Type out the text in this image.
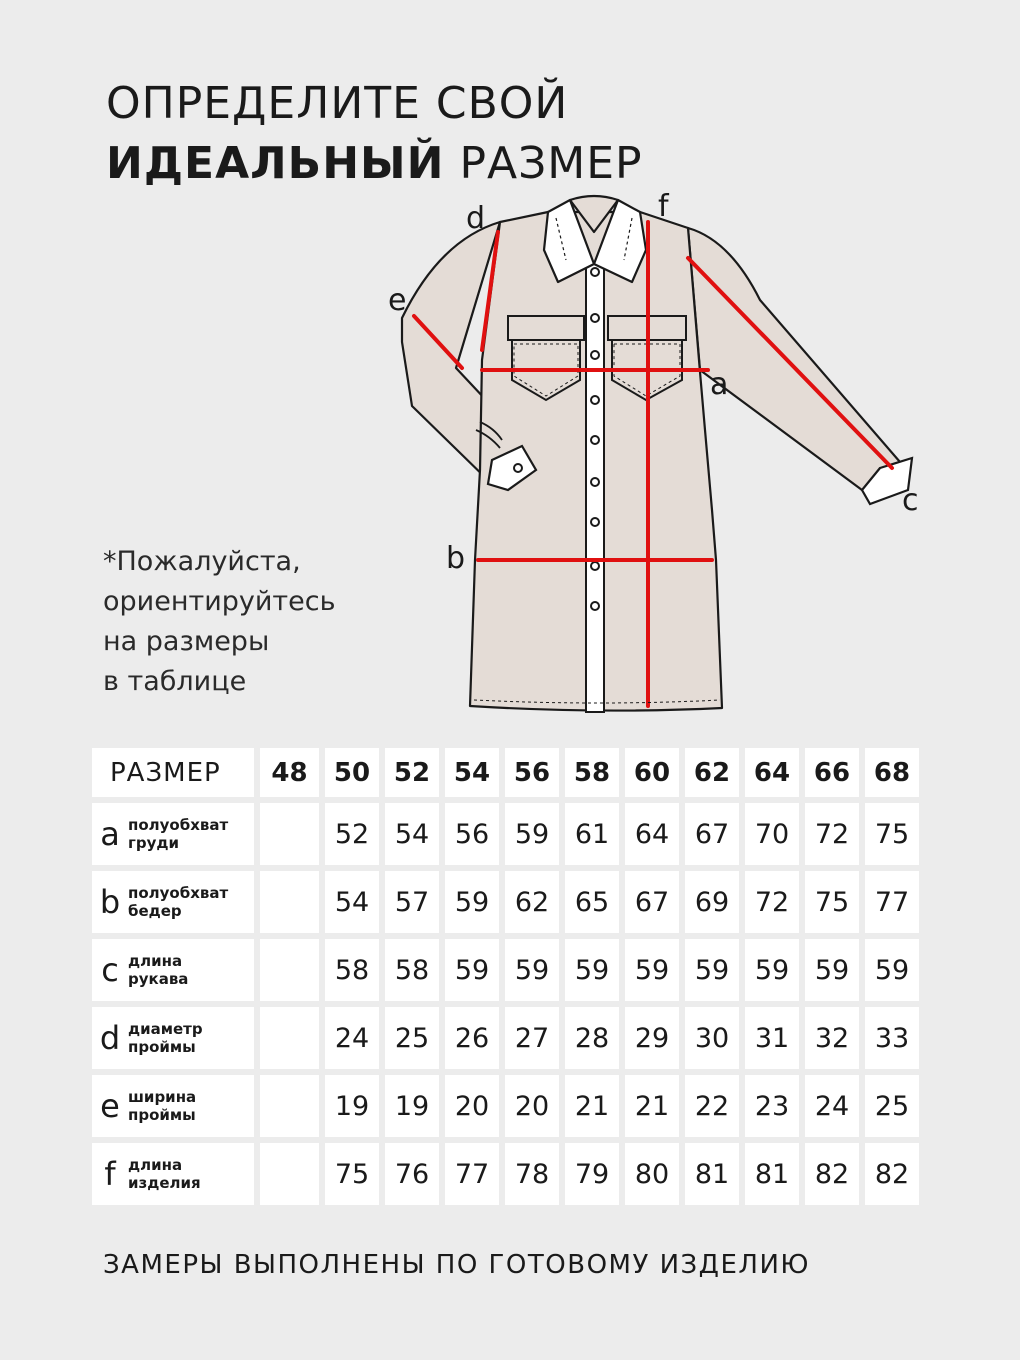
ОПРЕДЕЛИТЕ СВОЙ
ИДЕАЛЬНЫЙ РАЗМЕР
*Пожалуйста,
ориентируйтесь
на размеры
в таблице
a
b
c
d
e
f
РАЗМЕР	48	50	52	54	56	58	60	62	64	66	68

a полуобхват
груди		52	54	56	59	61	64	67	70	72	75

b полуобхват
бедер		54	57	59	62	65	67	69	72	75	77

c длина
рукава		58	58	59	59	59	59	59	59	59	59

d диаметр
проймы		24	25	26	27	28	29	30	31	32	33

e ширина
проймы		19	19	20	20	21	21	22	23	24	25

f длина
изделия		75	76	77	78	79	80	81	81	82	82
ЗАМЕРЫ ВЫПОЛНЕНЫ ПО ГОТОВОМУ ИЗДЕЛИЮ
